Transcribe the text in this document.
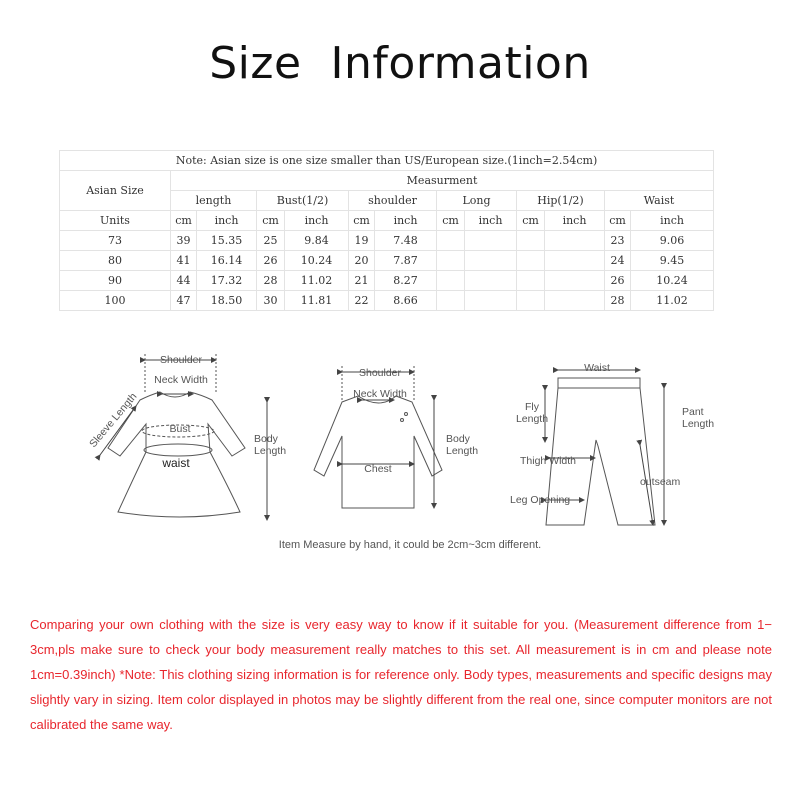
Size  Information
Note: Asian size is one size smaller than US/European size.(1inch=2.54cm)												
Asian Size	Measurment											
	length		Bust(1/2)		shoulder		Long		Hip(1/2)		Waist	
Units	cm	inch	cm	inch	cm	inch	cm	inch	cm	inch	cm	inch
73	39	15.35	25	9.84	19	7.48					23	9.06
80	41	16.14	26	10.24	20	7.87					24	9.45
90	44	17.32	28	11.02	21	8.27					26	10.24
100	47	18.50	30	11.81	22	8.66					28	11.02
Shoulder
Neck Width
Sleeve Length	Bust
waist
Body
Length
Shoulder
Neck Width
Chest
Body
Length
Waist
Fly
Length
Pant
Length
Thigh Width
outseam
Leg Opening
Item Measure by hand, it could be 2cm~3cm different.
Comparing your own clothing with the size is very easy way to know if it suitable for you. (Measurement difference from 1− 3cm,pls make sure to check your body measurement really matches to this set. All measurement is in cm and please note 1cm=0.39inch) *Note: This clothing sizing information is for reference only. Body types, measurements and specific designs may slightly vary in sizing. Item color displayed in photos may be slightly different from the real one, since computer monitors are not calibrated the same way.
